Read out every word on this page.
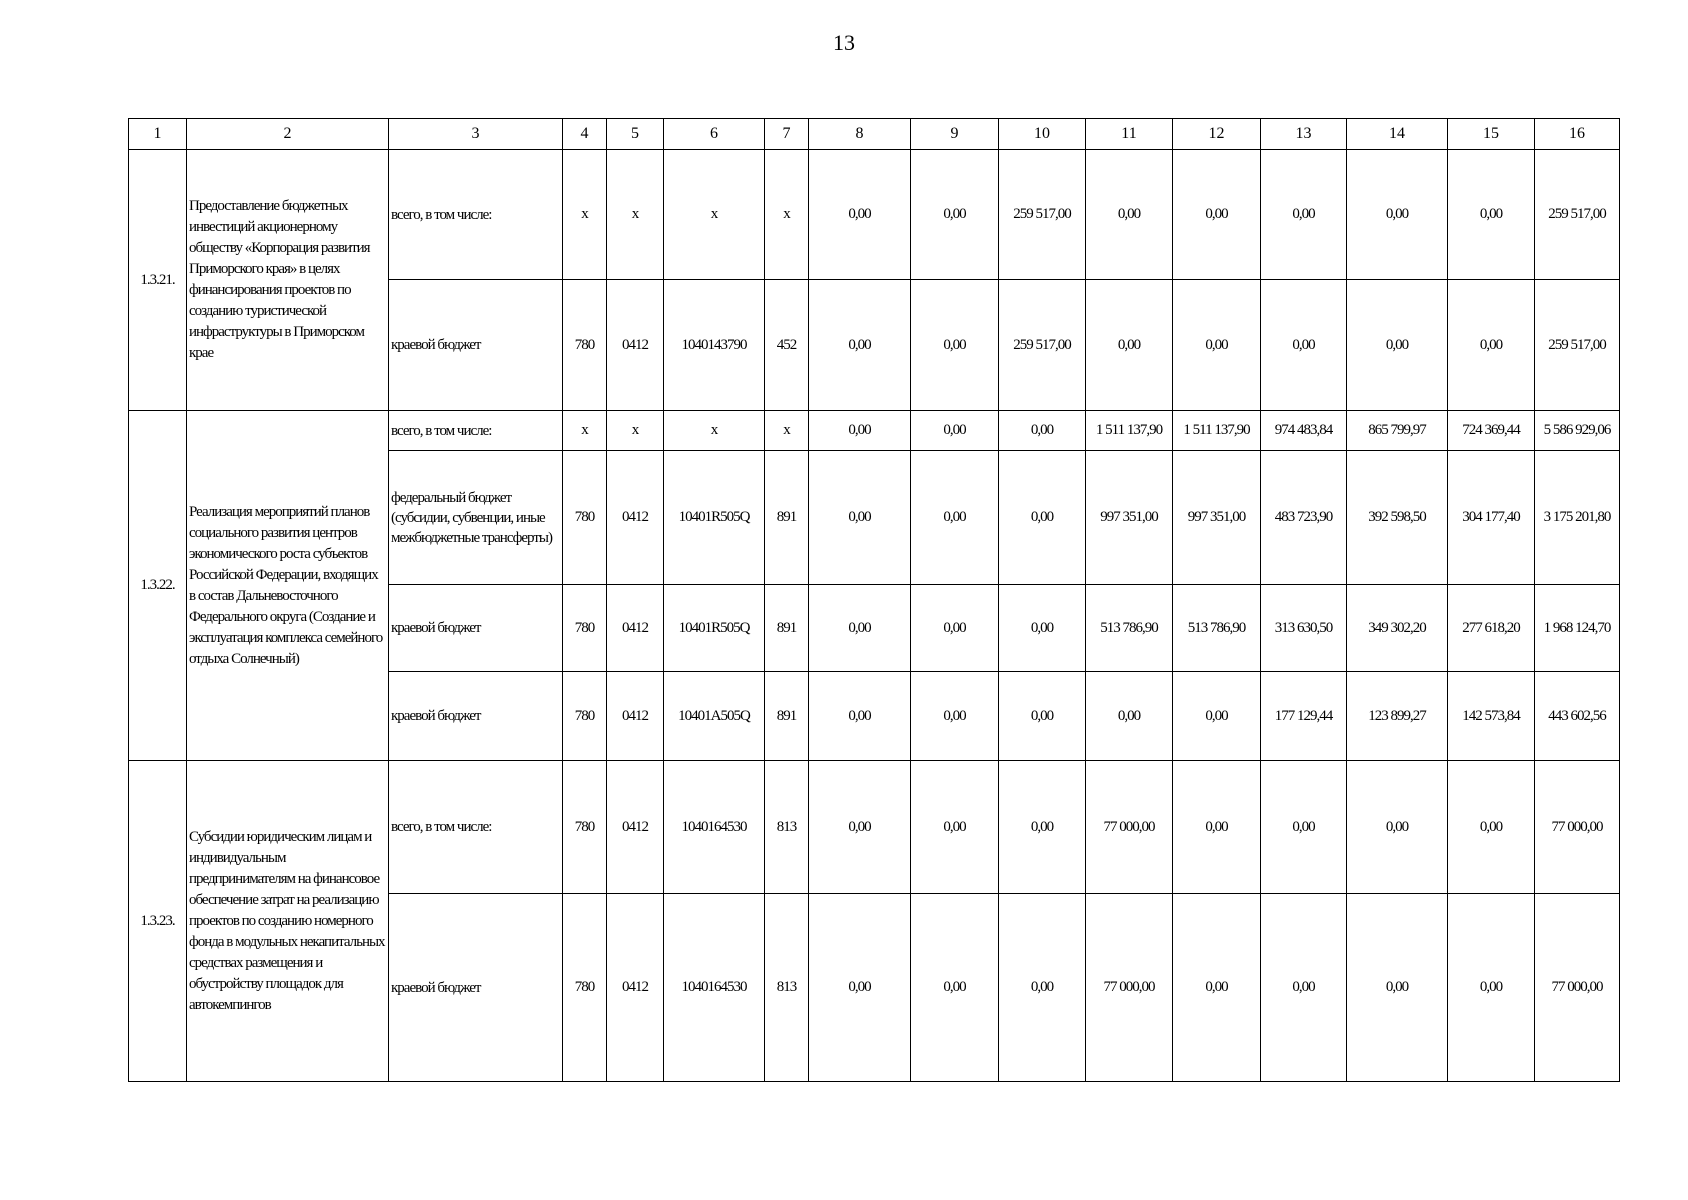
13
1	2	3	4	5	6	7	8	9	10	11	12	13	14	15	16
1.3.21.	Предоставление бюджетных инвестиций акционерному обществу «Корпорация развития Приморского края» в целях финансирования проектов по созданию туристической инфраструктуры в Приморском крае	всего, в том числе:	x	x	x	x	0,00	0,00	259 517,00	0,00	0,00	0,00	0,00	0,00	259 517,00
		краевой бюджет	780	0412	1040143790	452	0,00	0,00	259 517,00	0,00	0,00	0,00	0,00	0,00	259 517,00
1.3.22.	Реализация мероприятий планов социального развития центров экономического роста субъектов Российской Федерации, входящих в состав Дальневосточного Федерального округа (Создание и эксплуатация комплекса семейного отдыха Солнечный)	всего, в том числе:	x	x	x	x	0,00	0,00	0,00	1 511 137,90	1 511 137,90	974 483,84	865 799,97	724 369,44	5 586 929,06
		федеральный бюджет (субсидии, субвенции, иные межбюджетные трансферты)	780	0412	10401R505Q	891	0,00	0,00	0,00	997 351,00	997 351,00	483 723,90	392 598,50	304 177,40	3 175 201,80
		краевой бюджет	780	0412	10401R505Q	891	0,00	0,00	0,00	513 786,90	513 786,90	313 630,50	349 302,20	277 618,20	1 968 124,70
		краевой бюджет	780	0412	10401А505Q	891	0,00	0,00	0,00	0,00	0,00	177 129,44	123 899,27	142 573,84	443 602,56
1.3.23.	Субсидии юридическим лицам и индивидуальным предпринимателям на финансовое обеспечение затрат на реализацию проектов по созданию номерного фонда в модульных некапитальных средствах размещения и обустройству площадок для автокемпингов	всего, в том числе:	780	0412	1040164530	813	0,00	0,00	0,00	77 000,00	0,00	0,00	0,00	0,00	77 000,00
		краевой бюджет	780	0412	1040164530	813	0,00	0,00	0,00	77 000,00	0,00	0,00	0,00	0,00	77 000,00
